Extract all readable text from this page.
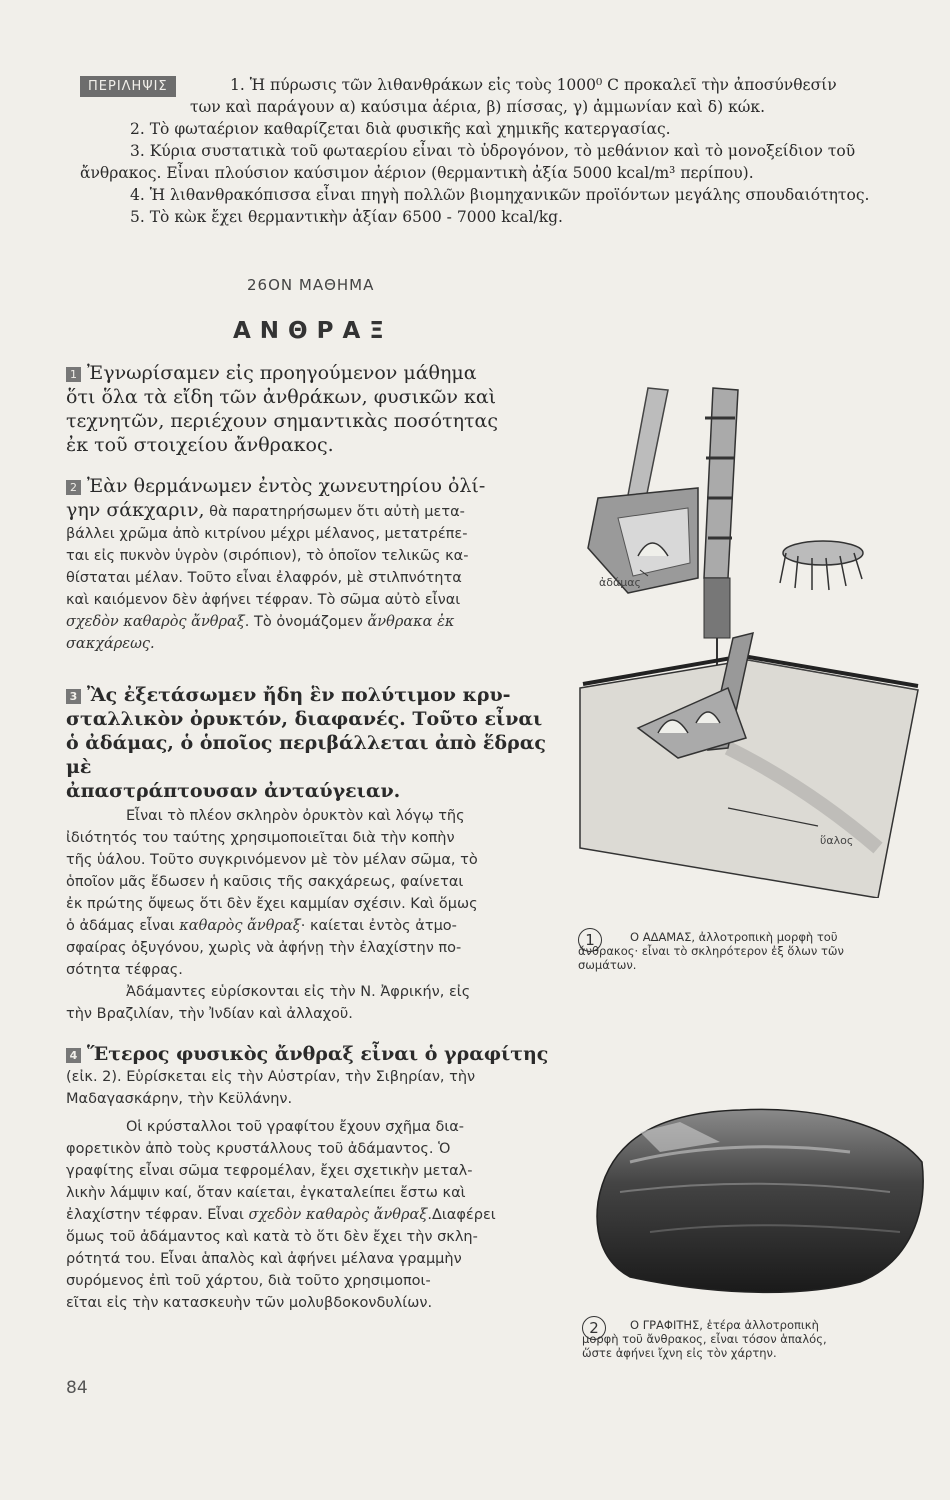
ΠΕΡΙΛΗΨΙΣ	1. Ἡ πύρωσις τῶν λιθανθράκων εἰς τοὺς 1000⁰ C προκαλεῖ τὴν ἀποσύνθεσίν

των καὶ παράγουν α) καύσιμα ἀέρια, β) πίσσας, γ) ἀμμωνίαν καὶ δ) κώκ.

2. Τὸ φωταέριον καθαρίζεται διὰ φυσικῆς καὶ χημικῆς κατεργασίας.

3. Κύρια συστατικὰ τοῦ φωταερίου εἶναι τὸ ὑδρογόνον, τὸ μεθάνιον καὶ τὸ μονοξείδιον τοῦ

ἄνθρακος. Εἶναι πλούσιον καύσιμον ἀέριον (θερμαντικὴ ἀξία 5000 kcal/m³ περίπου).

4. Ἡ λιθανθρακόπισσα εἶναι πηγὴ πολλῶν βιομηχανικῶν προϊόντων μεγάλης σπουδαιότητος.

5. Τὸ κὼκ ἔχει θερμαντικὴν ἀξίαν 6500 - 7000 kcal/kg.

26ΟΝ ΜΑΘΗΜΑ
ΑΝΘΡΑΞ
1 Ἐγνωρίσαμεν εἰς προηγούμενον μάθημα
ὅτι ὅλα τὰ εἴδη τῶν ἀνθράκων, φυσικῶν καὶ
τεχνητῶν, περιέχουν σημαντικὰς ποσότητας
ἐκ τοῦ στοιχείου ἄνθρακος.
2 Ἐὰν θερμάνωμεν ἐντὸς χωνευτηρίου ὀλί-
γην σάκχαριν, θὰ παρατηρήσωμεν ὅτι αὐτὴ μετα-
βάλλει χρῶμα ἀπὸ κιτρίνου μέχρι μέλανος, μετατρέπε-
ται εἰς πυκνὸν ὑγρὸν (σιρόπιον), τὸ ὁποῖον τελικῶς κα-
θίσταται μέλαν. Τοῦτο εἶναι ἐλαφρόν, μὲ στιλπνότητα
καὶ καιόμενον δὲν ἀφήνει τέφραν. Τὸ σῶμα αὐτὸ εἶναι
σχεδὸν καθαρὸς ἄνθραξ. Τὸ ὀνομάζομεν ἄνθρακα ἐκ
σακχάρεως.
3 Ἂς ἐξετάσωμεν ἤδη ἓν πολύτιμον κρυ-
σταλλικὸν ὀρυκτόν, διαφανές. Τοῦτο εἶναι
ὁ ἀδάμας, ὁ ὁποῖος περιβάλλεται ἀπὸ ἕδρας μὲ
ἀπαστράπτουσαν ἀνταύγειαν.
Εἶναι τὸ πλέον σκληρὸν ὀρυκτὸν καὶ λόγῳ τῆς
ἰδιότητός του ταύτης χρησιμοποιεῖται διὰ τὴν κοπὴν
τῆς ὑάλου. Τοῦτο συγκρινόμενον μὲ τὸν μέλαν σῶμα, τὸ
ὁποῖον μᾶς ἔδωσεν ἡ καῦσις τῆς σακχάρεως, φαίνεται
ἐκ πρώτης ὄψεως ὅτι δὲν ἔχει καμμίαν σχέσιν. Καὶ ὅμως
ὁ ἀδάμας εἶναι καθαρὸς ἄνθραξ· καίεται ἐντὸς ἀτμο-
σφαίρας ὀξυγόνου, χωρὶς νὰ ἀφήνῃ τὴν ἐλαχίστην πο-
σότητα τέφρας.
Ἀδάμαντες εὑρίσκονται εἰς τὴν Ν. Ἀφρικήν, εἰς
τὴν Βραζιλίαν, τὴν Ἰνδίαν καὶ ἀλλαχοῦ.
4 Ἕτερος φυσικὸς ἄνθραξ εἶναι ὁ γραφίτης
(εἰκ. 2). Εὑρίσκεται εἰς τὴν Αὐστρίαν, τὴν Σιβηρίαν, τὴν
Μαδαγασκάρην, τὴν Κεϋλάνην.
Οἱ κρύσταλλοι τοῦ γραφίτου ἔχουν σχῆμα δια-
φορετικὸν ἀπὸ τοὺς κρυστάλλους τοῦ ἀδάμαντος. Ὁ
γραφίτης εἶναι σῶμα τεφρομέλαν, ἔχει σχετικὴν μεταλ-
λικὴν λάμψιν καί, ὅταν καίεται, ἐγκαταλείπει ἔστω καὶ
ἐλαχίστην τέφραν. Εἶναι σχεδὸν καθαρὸς ἄνθραξ.Διαφέρει
ὅμως τοῦ ἀδάμαντος καὶ κατὰ τὸ ὅτι δὲν ἔχει τὴν σκλη-
ρότητά του. Εἶναι ἁπαλὸς καὶ ἀφήνει μέλανα γραμμὴν
συρόμενος ἐπὶ τοῦ χάρτου, διὰ τοῦτο χρησιμοποι-
εῖται εἰς τὴν κατασκευὴν τῶν μολυβδοκονδυλίων.
ἀδάμας
ὕαλος
1	Ο ΑΔΑΜΑΣ, ἀλλοτροπικὴ μορφὴ τοῦ
ἄνθρακος· εἶναι τὸ σκληρότερον ἐξ ὅλων τῶν
σωμάτων.
2	Ο ΓΡΑΦΙΤΗΣ, ἑτέρα ἀλλοτροπικὴ
μορφὴ τοῦ ἄνθρακος, εἶναι τόσον ἁπαλός,
ὥστε ἀφήνει ἴχνη εἰς τὸν χάρτην.
84
